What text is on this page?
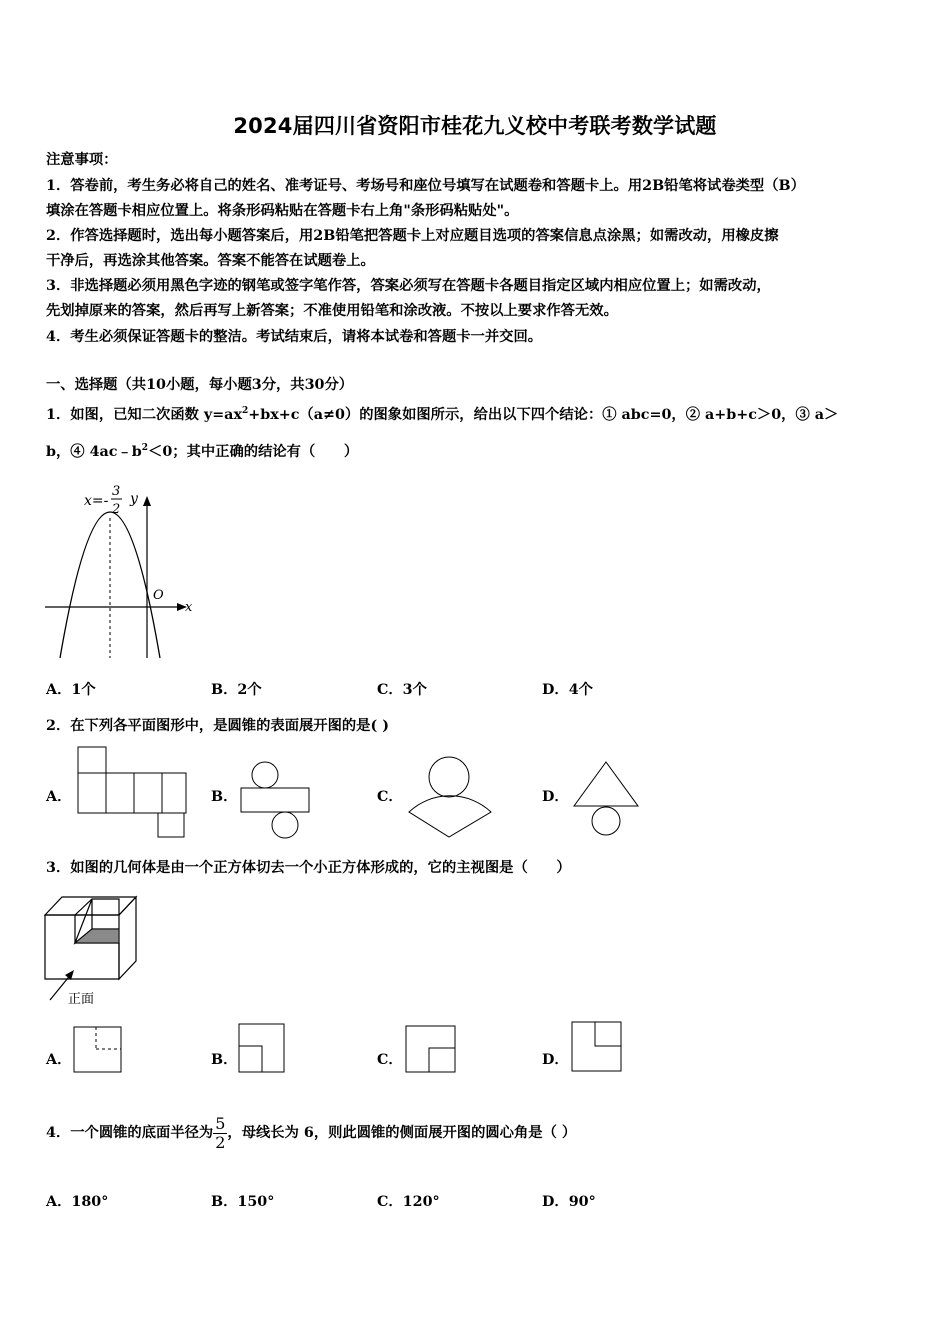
2024届四川省资阳市桂花九义校中考联考数学试题
注意事项：
1．答卷前，考生务必将自己的姓名、准考证号、考场号和座位号填写在试题卷和答题卡上。用2B铅笔将试卷类型（B）
填涂在答题卡相应位置上。将条形码粘贴在答题卡右上角"条形码粘贴处"。
2．作答选择题时，选出每小题答案后，用2B铅笔把答题卡上对应题目选项的答案信息点涂黑；如需改动，用橡皮擦
干净后，再选涂其他答案。答案不能答在试题卷上。
3．非选择题必须用黑色字迹的钢笔或签字笔作答，答案必须写在答题卡各题目指定区域内相应位置上；如需改动，
先划掉原来的答案，然后再写上新答案；不准使用铅笔和涂改液。不按以上要求作答无效。
4．考生必须保证答题卡的整洁。考试结束后，请将本试卷和答题卡一并交回。
一、选择题（共10小题，每小题3分，共30分）
1．如图，已知二次函数 $y=ax^2+bx+c(a\ne 0)$的图象如图所示，给出以下四个结论：① abc=0，② a+b+c＞0，③ a＞
b，④ $4ac﹣b^2<0$；其中正确的结论有（　　）
x=-
3
2
y
x
O
A．1个	B．2个	C．3个	D．4个
2．在下列各平面图形中，是圆锥的表面展开图的是( )
A．	B．	C．	D．
3．如图的几何体是由一个正方体切去一个小正方体形成的，它的主视图是（　　）
正面
A．	B．	C．	D．
4．一个圆锥的底面半径为 $\frac{5}{2}$ ，母线长为 6，则此圆锥的侧面展开图的圆心角是（ ）
A．180°	B．150°	C．120°	D．90°
